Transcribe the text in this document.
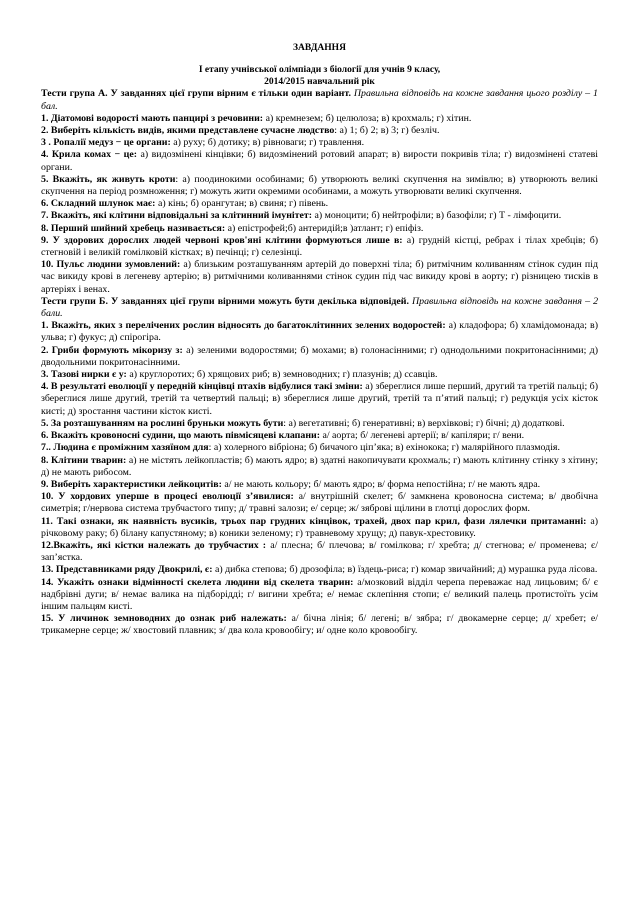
ЗАВДАННЯ
І етапу учнівської олімпіади з біології для учнів 9 класу,
2014/2015 навчальний рік

Тести група А. У завданнях цієї групи вірним є тільки один варіант. Правильна відповідь на кожне завдання цього розділу – 1 бал.

1. Діатомові водорості мають панцирі з речовини: а) кремнезем; б) целюлоза; в) крохмаль; г) хітин.

2. Виберіть кількість видів, якими представлене сучасне людство: а) 1; б) 2; в) 3; г) безліч.

3 . Ропалії медуз − це органи: а) руху; б) дотику; в) рівноваги; г) травлення.

4. Крила комах − це: а) видозмінені кінцівки; б) видозмінений ротовий апарат; в) вирости покривів тіла; г) видозмінені статеві органи.

5. Вкажіть, як живуть кроти: а) поодинокими особинами; б) утворюють великі скупчення на зимівлю; в) утворюють великі скупчення на період розмноження; г) можуть жити окремими особинами, а можуть утворювати великі скупчення.

6. Складний шлунок має: а) кінь; б) орангутан; в) свиня; г) півень.

7. Вкажіть, які клітини відповідальні за клітинний імунітет: а) моноцити; б) нейтрофіли; в) базофіли; г) Т - лімфоцити.

8. Перший шийний хребець називається: а) епістрофей;б) антеридій;в )атлант; г) епіфіз.

9. У здорових дорослих людей червоні кров'яні клітини формуються лише в: а) грудній кістці, ребрах і тілах хребців; б) стегновій і великій гомілковій кістках; в) печінці; г) селезінці.

10. Пульс людини зумовлений: а) близьким розташуванням артерій до поверхні тіла; б) ритмічним коливанням стінок судин під час викиду крові в легеневу артерію; в) ритмічними коливаннями стінок судин під час викиду крові в аорту; г) різницею тисків в артеріях і венах.

Тести групи Б. У завданнях цієї групи вірними можуть бути декілька відповідей. Правильна відповідь на кожне завдання – 2 бали.

1. Вкажіть, яких з перелічених рослин відносять до багатоклітинних зелених водоростей: а) кладофора; б) хламідомонада; в) ульва; г) фукус; д) спірогіра.

2. Гриби формують мікоризу з: а) зеленими водоростями; б) мохами; в) голонасінними; г) однодольними покритонасінними; д) дводольними покритонасінними.

3. Тазові нирки є у: а) круглоротих; б) хрящових риб; в) земноводних; г) плазунів; д) ссавців.

4. В результаті еволюції у передній кінцівці птахів відбулися такі зміни: а) збереглися лише перший, другий та третій пальці; б) збереглися лише другий, третій та четвертий пальці; в) збереглися лише другий, третій та п’ятий пальці; г) редукція усіх кісток кисті; д) зростання частини кісток кисті.

5. За розташуванням на рослині бруньки можуть бути: а) вегетативні; б) генеративні; в) верхівкові; г) бічні; д) додаткові.

6. Вкажіть кровоносні судини, що мають півмісяцеві клапани: а/ аорта; б/ легеневі артерії; в/ капіляри; г/ вени.

7.. Людина є проміжним хазяїном для: а) холерного вібріона; б) бичачого ціп’яка; в) ехінокока; г) малярійного плазмодія.

8. Клітини тварин: а) не містять лейкопластів; б) мають ядро; в) здатні накопичувати крохмаль; г) мають клітинну стінку з хітину; д) не мають рибосом.

9. Виберіть характеристики лейкоцитів: а/ не мають кольору; б/ мають ядро; в/ форма непостійна; г/ не мають ядра.

10. У хордових уперше в процесі еволюції з’явилися: а/ внутрішній скелет; б/ замкнена кровоносна система; в/ двобічна симетрія; г/нервова система трубчастого типу; д/ травні залози; е/ серце; ж/ зяброві щілини в глотці дорослих форм.

11. Такі ознаки, як наявність вусиків, трьох пар грудних кінцівок, трахей, двох пар крил, фази лялечки притаманні: а) річковому раку; б) білану капустяному; в) коники зеленому; г) травневому хрущу; д) павук-хрестовику.

12.Вкажіть, які кістки належать до трубчастих : а/ плесна; б/ плечова; в/ гомілкова; г/ хребта; д/ стегнова; е/ променева; є/ зап’ястка.

13. Представниками ряду Двокрилі, є: а) дибка степова; б) дрозофіла; в) їздець-риса; г) комар звичайний; д) мурашка руда лісова.

14. Укажіть ознаки відмінності скелета людини від скелета тварин: а/мозковий відділ черепа переважає над лицьовим; б/ є надбрівні дуги; в/ немає валика на підборідді; г/ вигини хребта; е/ немає склепіння стопи; є/ великий палець протистоїть усім іншим пальцям кисті.

15. У личинок земноводних до ознак риб належать: а/ бічна лінія; б/ легені; в/ зябра; г/ двокамерне серце; д/ хребет; е/ трикамерне серце; ж/ хвостовий плавник; з/ два кола кровообігу; и/ одне коло кровообігу.
